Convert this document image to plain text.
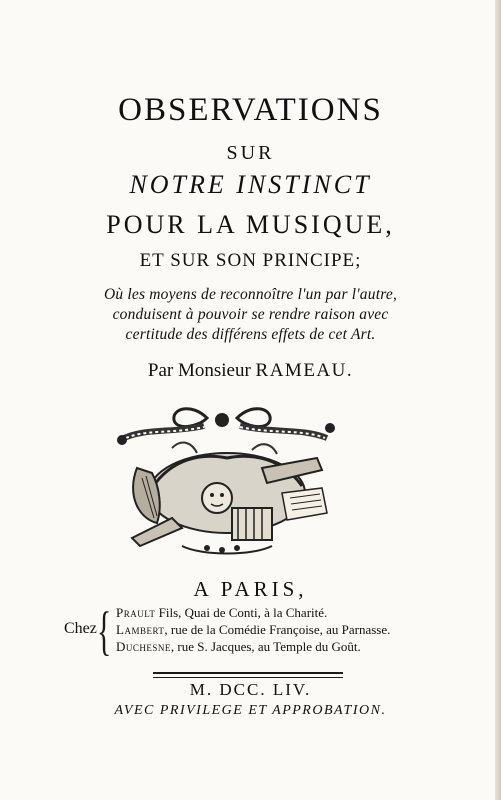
OBSERVATIONS
SUR
NOTRE INSTINCT
POUR LA MUSIQUE,
ET SUR SON PRINCIPE;
Où les moyens de reconnoître l'un par l'autre,
conduisent à pouvoir se rendre raison avec
certitude des différens effets de cet Art.
Par Monsieur RAMEAU.
A PARIS,
Chez { Prault Fils, Quai de Conti, à la Charité.
Lambert, rue de la Comédie Françoise, au Parnasse.
Duchesne, rue S. Jacques, au Temple du Goût.
M. DCC. LIV.
AVEC PRIVILEGE ET APPROBATION.
